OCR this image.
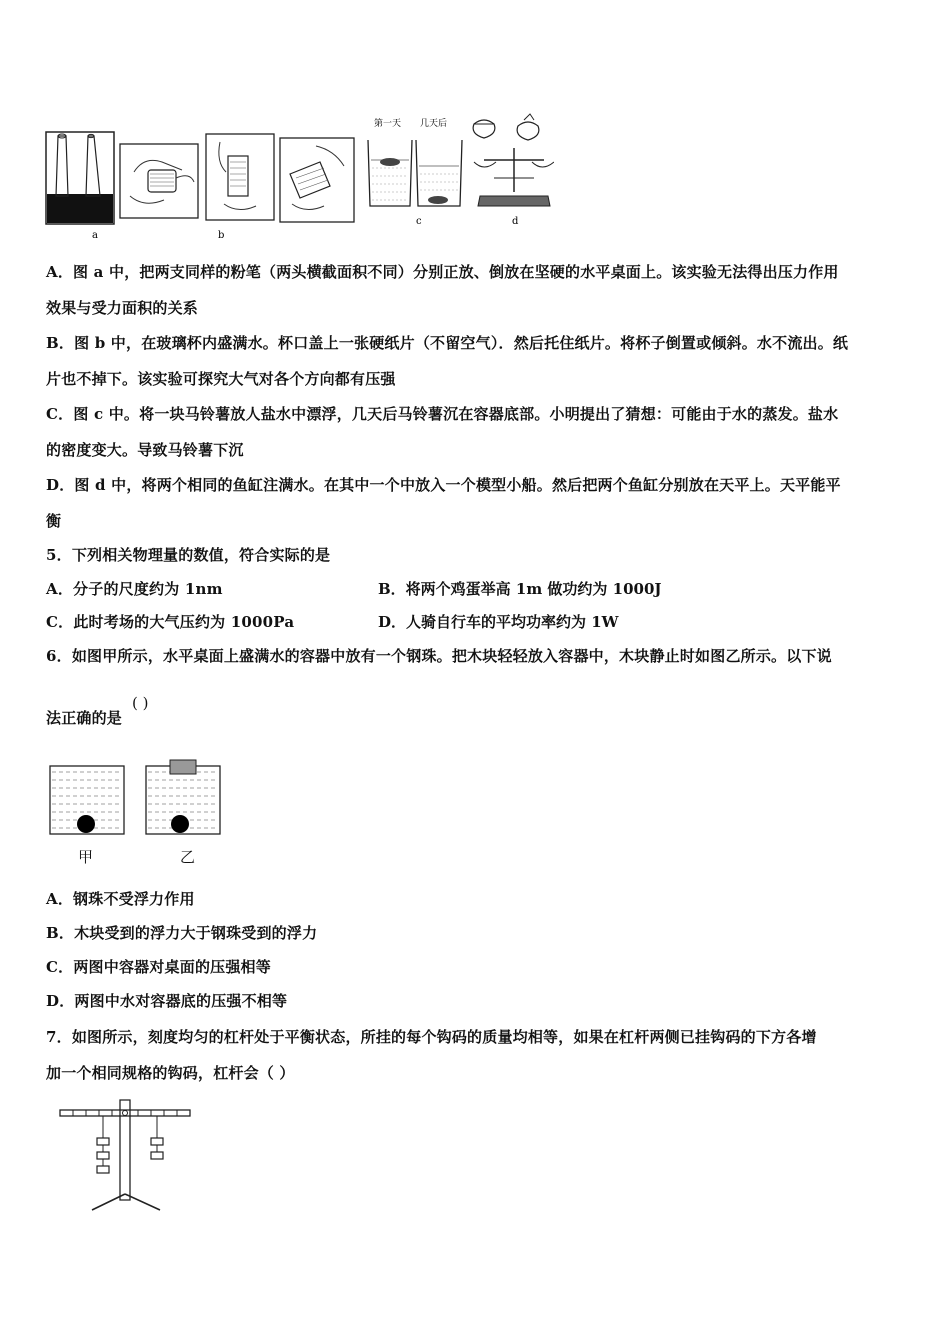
a	b
第一天 几天后
c	d
A．图 a 中，把两支同样的粉笔（两头横截面积不同）分别正放、倒放在坚硬的水平桌面上。该实验无法得出压力作用
效果与受力面积的关系
B．图 b 中，在玻璃杯内盛满水。杯口盖上一张硬纸片（不留空气）．然后托住纸片。将杯子倒置或倾斜。水不流出。纸
片也不掉下。该实验可探究大气对各个方向都有压强
C．图 c 中。将一块马铃薯放人盐水中漂浮，几天后马铃薯沉在容器底部。小明提出了猜想：可能由于水的蒸发。盐水
的密度变大。导致马铃薯下沉
D．图 d 中，将两个相同的鱼缸注满水。在其中一个中放入一个模型小船。然后把两个鱼缸分别放在天平上。天平能平
衡
5．下列相关物理量的数值，符合实际的是
A．分子的尺度约为 1nm	B．将两个鸡蛋举高 1m 做功约为 1000J
C．此时考场的大气压约为 1000Pa	D．人骑自行车的平均功率约为 1W
6．如图甲所示，水平桌面上盛满水的容器中放有一个钢珠。把木块轻轻放入容器中，木块静止时如图乙所示。以下说
( )
法正确的是
甲	乙
A．钢珠不受浮力作用
B．木块受到的浮力大于钢珠受到的浮力
C．两图中容器对桌面的压强相等
D．两图中水对容器底的压强不相等
7．如图所示，刻度均匀的杠杆处于平衡状态，所挂的每个钩码的质量均相等，如果在杠杆两侧已挂钩码的下方各增
加一个相同规格的钩码，杠杆会（ ）
